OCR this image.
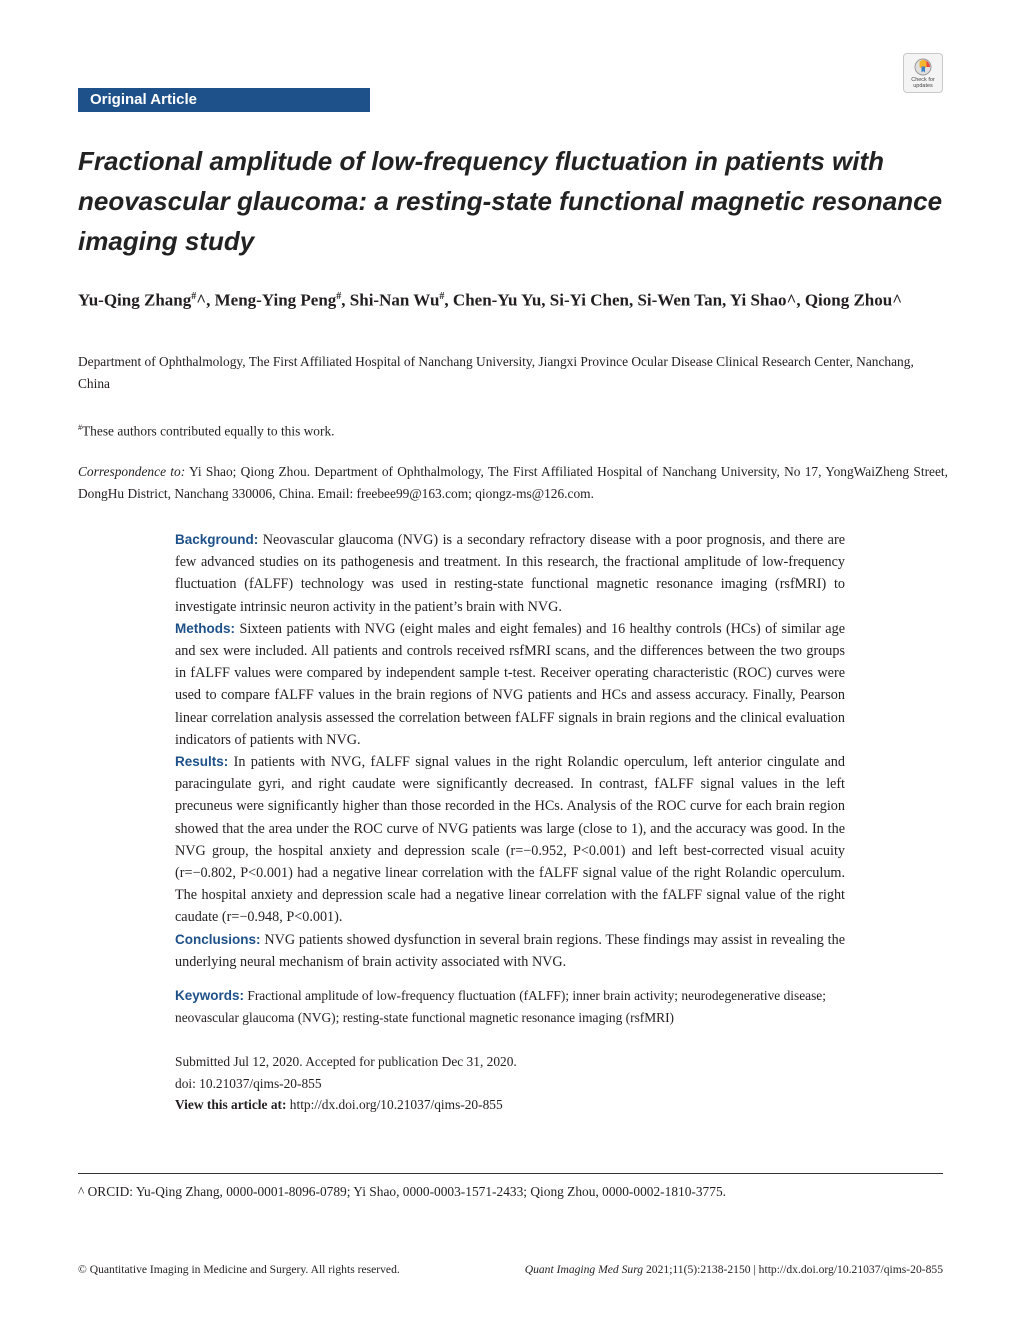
Original Article
Check for
updates
Fractional amplitude of low-frequency fluctuation in patients with neovascular glaucoma: a resting-state functional magnetic resonance imaging study

Yu-Qing Zhang#^, Meng-Ying Peng#, Shi-Nan Wu#, Chen-Yu Yu, Si-Yi Chen, Si-Wen Tan, Yi Shao^, Qiong Zhou^

Department of Ophthalmology, The First Affiliated Hospital of Nanchang University, Jiangxi Province Ocular Disease Clinical Research Center, Nanchang, China

#These authors contributed equally to this work.

Correspondence to: Yi Shao; Qiong Zhou. Department of Ophthalmology, The First Affiliated Hospital of Nanchang University, No 17, YongWaiZheng Street, DongHu District, Nanchang 330006, China. Email: freebee99@163.com; qiongz-ms@126.com.

Background: Neovascular glaucoma (NVG) is a secondary refractory disease with a poor prognosis, and there are few advanced studies on its pathogenesis and treatment. In this research, the fractional amplitude of low-frequency fluctuation (fALFF) technology was used in resting-state functional magnetic resonance imaging (rsfMRI) to investigate intrinsic neuron activity in the patient’s brain with NVG.

Methods: Sixteen patients with NVG (eight males and eight females) and 16 healthy controls (HCs) of similar age and sex were included. All patients and controls received rsfMRI scans, and the differences between the two groups in fALFF values were compared by independent sample t-test. Receiver operating characteristic (ROC) curves were used to compare fALFF values in the brain regions of NVG patients and HCs and assess accuracy. Finally, Pearson linear correlation analysis assessed the correlation between fALFF signals in brain regions and the clinical evaluation indicators of patients with NVG.

Results: In patients with NVG, fALFF signal values in the right Rolandic operculum, left anterior cingulate and paracingulate gyri, and right caudate were significantly decreased. In contrast, fALFF signal values in the left precuneus were significantly higher than those recorded in the HCs. Analysis of the ROC curve for each brain region showed that the area under the ROC curve of NVG patients was large (close to 1), and the accuracy was good. In the NVG group, the hospital anxiety and depression scale (r=−0.952, P<0.001) and left best-corrected visual acuity (r=−0.802, P<0.001) had a negative linear correlation with the fALFF signal value of the right Rolandic operculum. The hospital anxiety and depression scale had a negative linear correlation with the fALFF signal value of the right caudate (r=−0.948, P<0.001).

Conclusions: NVG patients showed dysfunction in several brain regions. These findings may assist in revealing the underlying neural mechanism of brain activity associated with NVG.

Keywords: Fractional amplitude of low-frequency fluctuation (fALFF); inner brain activity; neurodegenerative disease; neovascular glaucoma (NVG); resting-state functional magnetic resonance imaging (rsfMRI)

Submitted Jul 12, 2020. Accepted for publication Dec 31, 2020.

doi: 10.21037/qims-20-855

View this article at: http://dx.doi.org/10.21037/qims-20-855

^ ORCID: Yu-Qing Zhang, 0000-0001-8096-0789; Yi Shao, 0000-0003-1571-2433; Qiong Zhou, 0000-0002-1810-3775.

© Quantitative Imaging in Medicine and Surgery. All rights reserved.	Quant Imaging Med Surg 2021;11(5):2138-2150 | http://dx.doi.org/10.21037/qims-20-855
